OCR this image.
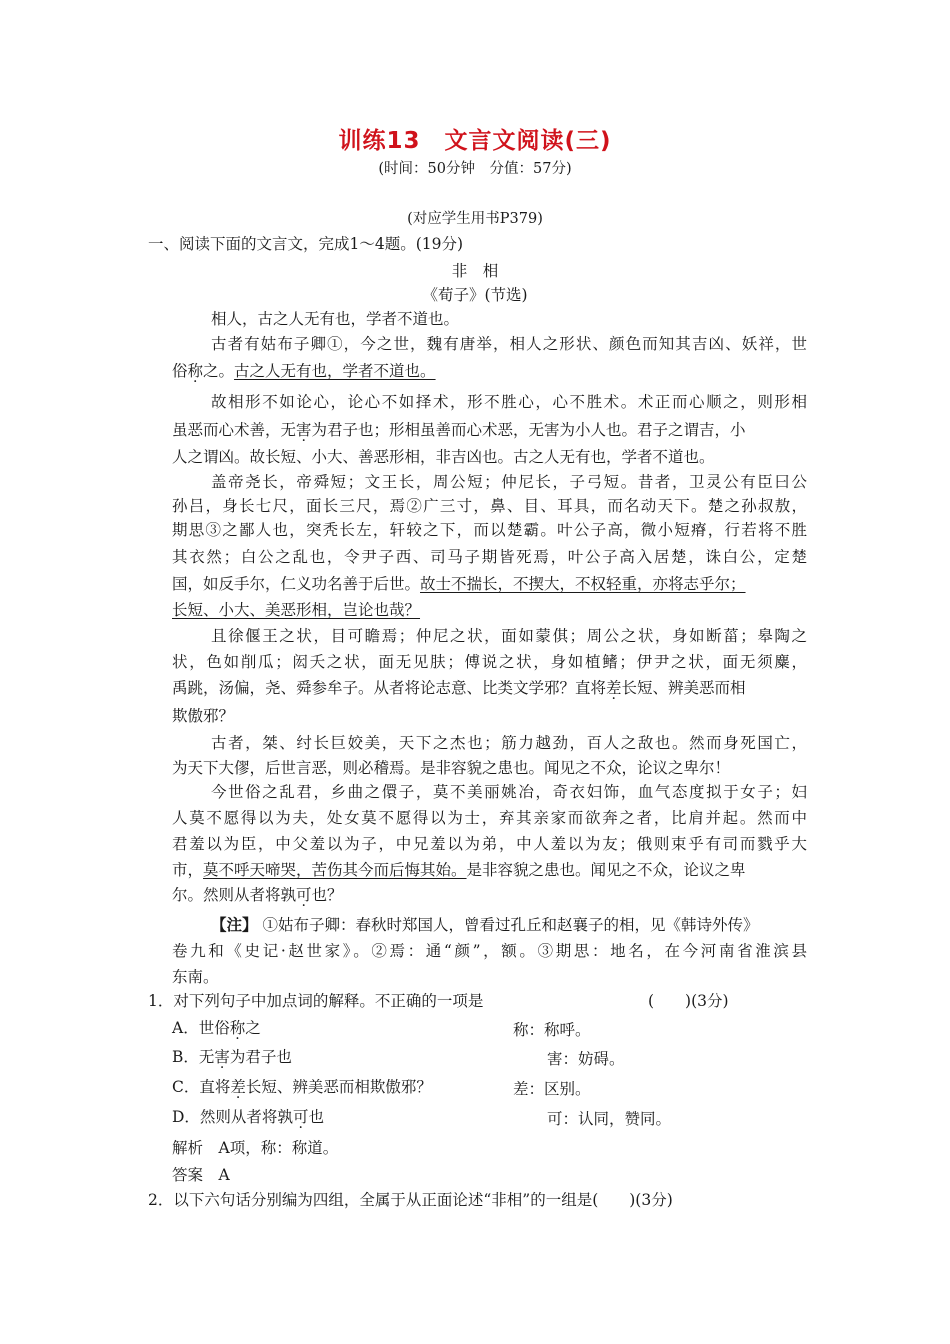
训练13　文言文阅读(三)
(时间：50分钟　分值：57分)
(对应学生用书P379)
一、阅读下面的文言文，完成1～4题。(19分)
非　相
《荀子》(节选)
相人，古之人无有也，学者不道也。
古者有姑布子卿①，今之世，魏有唐举，相人之形状、颜色而知其吉凶、妖祥，世
俗称之。古之人无有也，学者不道也。
故相形不如论心，论心不如择术，形不胜心，心不胜术。术正而心顺之，则形相
虽恶而心术善，无害为君子也；形相虽善而心术恶，无害为小人也。君子之谓吉，小
人之谓凶。故长短、小大、善恶形相，非吉凶也。古之人无有也，学者不道也。
盖帝尧长，帝舜短；文王长，周公短；仲尼长，子弓短。昔者，卫灵公有臣曰公
孙吕，身长七尺，面长三尺，焉②广三寸，鼻、目、耳具，而名动天下。楚之孙叔敖，
期思③之鄙人也，突秃长左，轩较之下，而以楚霸。叶公子高，微小短瘠，行若将不胜
其衣然；白公之乱也，令尹子西、司马子期皆死焉，叶公子高入居楚，诛白公，定楚
国，如反手尔，仁义功名善于后世。故士不揣长，不揳大，不权轻重，亦将志乎尔；
长短、小大、美恶形相，岂论也哉？
且徐偃王之状，目可瞻焉；仲尼之状，面如蒙倛；周公之状，身如断菑；皋陶之
状，色如削瓜；闳夭之状，面无见肤；傅说之状，身如植鳍；伊尹之状，面无须麋，
禹跳，汤偏，尧、舜参牟子。从者将论志意、比类文学邪？直将差长短、辨美恶而相
欺傲邪？
古者，桀、纣长巨姣美，天下之杰也；筋力越劲，百人之敌也。然而身死国亡，
为天下大僇，后世言恶，则必稽焉。是非容貌之患也。闻见之不众，论议之卑尔！
今世俗之乱君，乡曲之儇子，莫不美丽姚冶，奇衣妇饰，血气态度拟于女子；妇
人莫不愿得以为夫，处女莫不愿得以为士，弃其亲家而欲奔之者，比肩并起。然而中
君羞以为臣，中父羞以为子，中兄羞以为弟，中人羞以为友；俄则束乎有司而戮乎大
市，莫不呼天啼哭，苦伤其今而后悔其始。是非容貌之患也。闻见之不众，论议之卑
尔。然则从者将孰可也？
【注】 ①姑布子卿：春秋时郑国人，曾看过孔丘和赵襄子的相，见《韩诗外传》
卷九和《史记·赵世家》。②焉：通“颜”，额。③期思：地名，在今河南省淮滨县
东南。
1．对下列句子中加点词的解释。不正确的一项是	(　　)(3分)
A．世俗称之	称：称呼。
B．无害为君子也	害：妨碍。
C．直将差长短、辨美恶而相欺傲邪？	差：区别。
D．然则从者将孰可也	可：认同，赞同。
解析　A项，称：称道。
答案　A
2．以下六句话分别编为四组，全属于从正面论述“非相”的一组是(　　)(3分)
